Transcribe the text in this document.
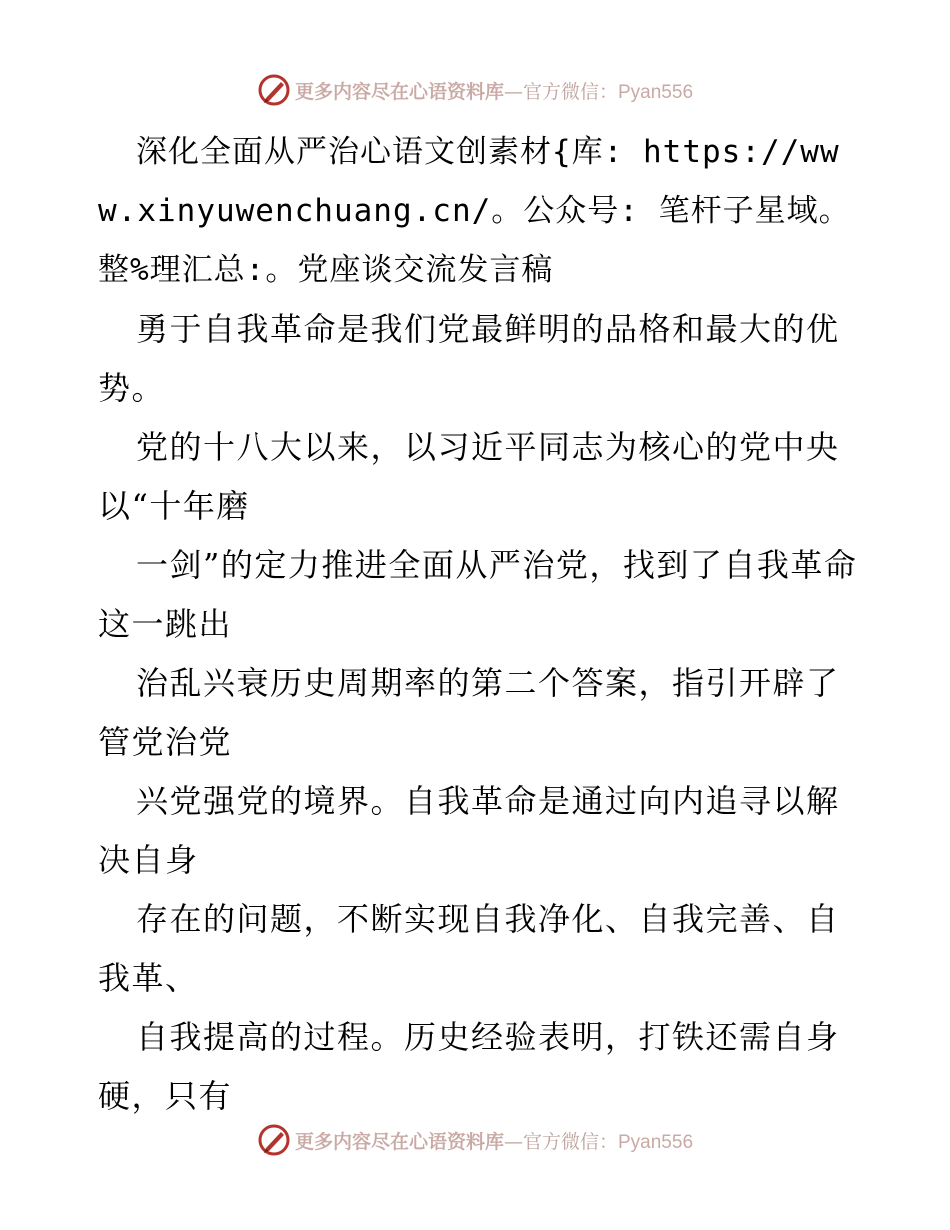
更多内容尽在心语资料库—官方微信：Pyan556

深化全面从严治心语文创素材{库: https://www.xinyuwenchuang.cn/。公众号: 笔杆子星域。整%理汇总:。党座谈交流发言稿

勇于自我革命是我们党最鲜明的品格和最大的优势。

党的十八大以来，以习近平同志为核心的党中央以“十年磨

一剑”的定力推进全面从严治党，找到了自我革命这一跳出

治乱兴衰历史周期率的第二个答案，指引开辟了管党治党

兴党强党的境界。自我革命是通过向内追寻以解决自身

存在的问题，不断实现自我净化、自我完善、自我革、

自我提高的过程。历史经验表明，打铁还需自身硬，只有

更多内容尽在心语资料库—官方微信：Pyan556
